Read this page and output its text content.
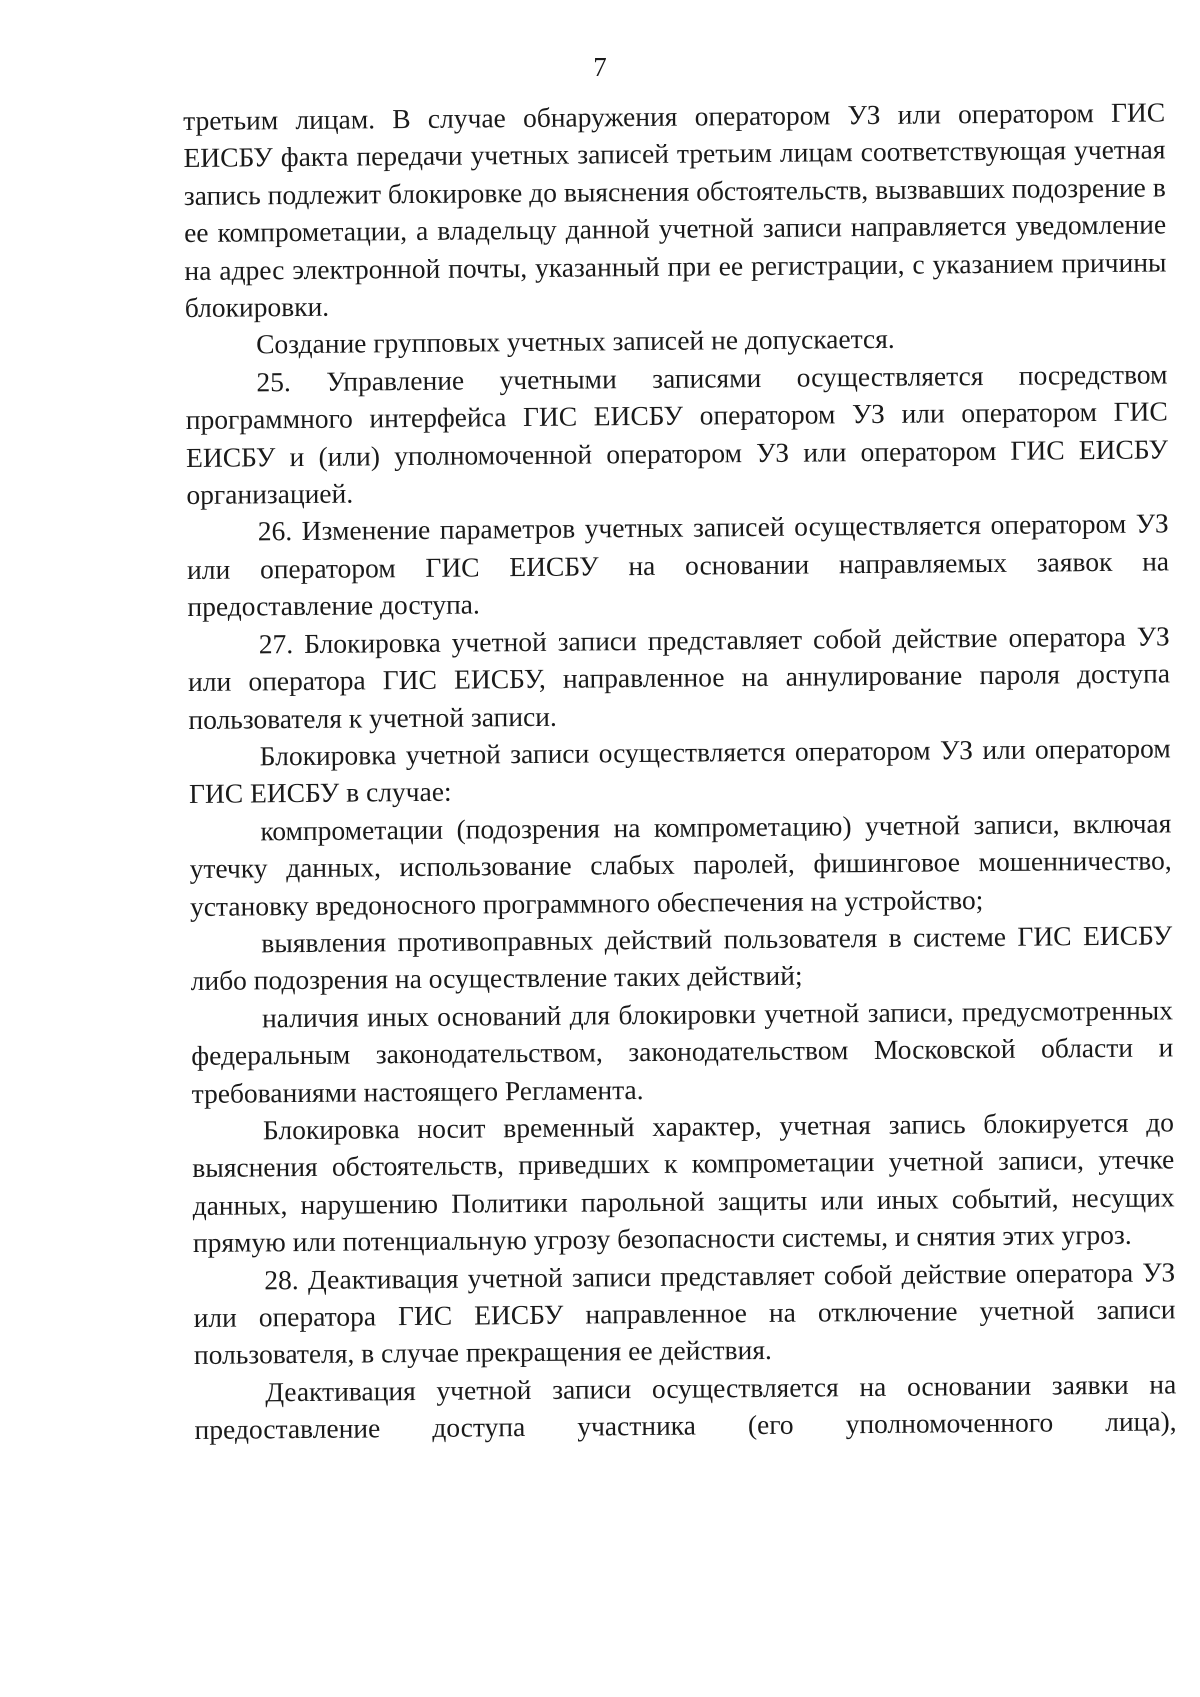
7

третьим лицам. В случае обнаружения оператором УЗ или оператором ГИС ЕИСБУ факта передачи учетных записей третьим лицам соответствующая учетная запись подлежит блокировке до выяснения обстоятельств, вызвавших подозрение в ее компрометации, а владельцу данной учетной записи направляется уведомление на адрес электронной почты, указанный при ее регистрации, с указанием причины блокировки.

Создание групповых учетных записей не допускается.

25. Управление учетными записями осуществляется посредством программного интерфейса ГИС ЕИСБУ оператором УЗ или оператором ГИС ЕИСБУ и (или) уполномоченной оператором УЗ или оператором ГИС ЕИСБУ организацией.

26. Изменение параметров учетных записей осуществляется оператором УЗ или оператором ГИС ЕИСБУ на основании направляемых заявок на предоставление доступа.

27. Блокировка учетной записи представляет собой действие оператора УЗ или оператора ГИС ЕИСБУ, направленное на аннулирование пароля доступа пользователя к учетной записи.

Блокировка учетной записи осуществляется оператором УЗ или оператором ГИС ЕИСБУ в случае:

компрометации (подозрения на компрометацию) учетной записи, включая утечку данных, использование слабых паролей, фишинговое мошенничество, установку вредоносного программного обеспечения на устройство;

выявления противоправных действий пользователя в системе ГИС ЕИСБУ либо подозрения на осуществление таких действий;

наличия иных оснований для блокировки учетной записи, предусмотренных федеральным законодательством, законодательством Московской области и требованиями настоящего Регламента.

Блокировка носит временный характер, учетная запись блокируется до выяснения обстоятельств, приведших к компрометации учетной записи, утечке данных, нарушению Политики парольной защиты или иных событий, несущих прямую или потенциальную угрозу безопасности системы, и снятия этих угроз.

28. Деактивация учетной записи представляет собой действие оператора УЗ или оператора ГИС ЕИСБУ направленное на отключение учетной записи пользователя, в случае прекращения ее действия.

Деактивация учетной записи осуществляется на основании заявки на предоставление доступа участника (его уполномоченного лица),
